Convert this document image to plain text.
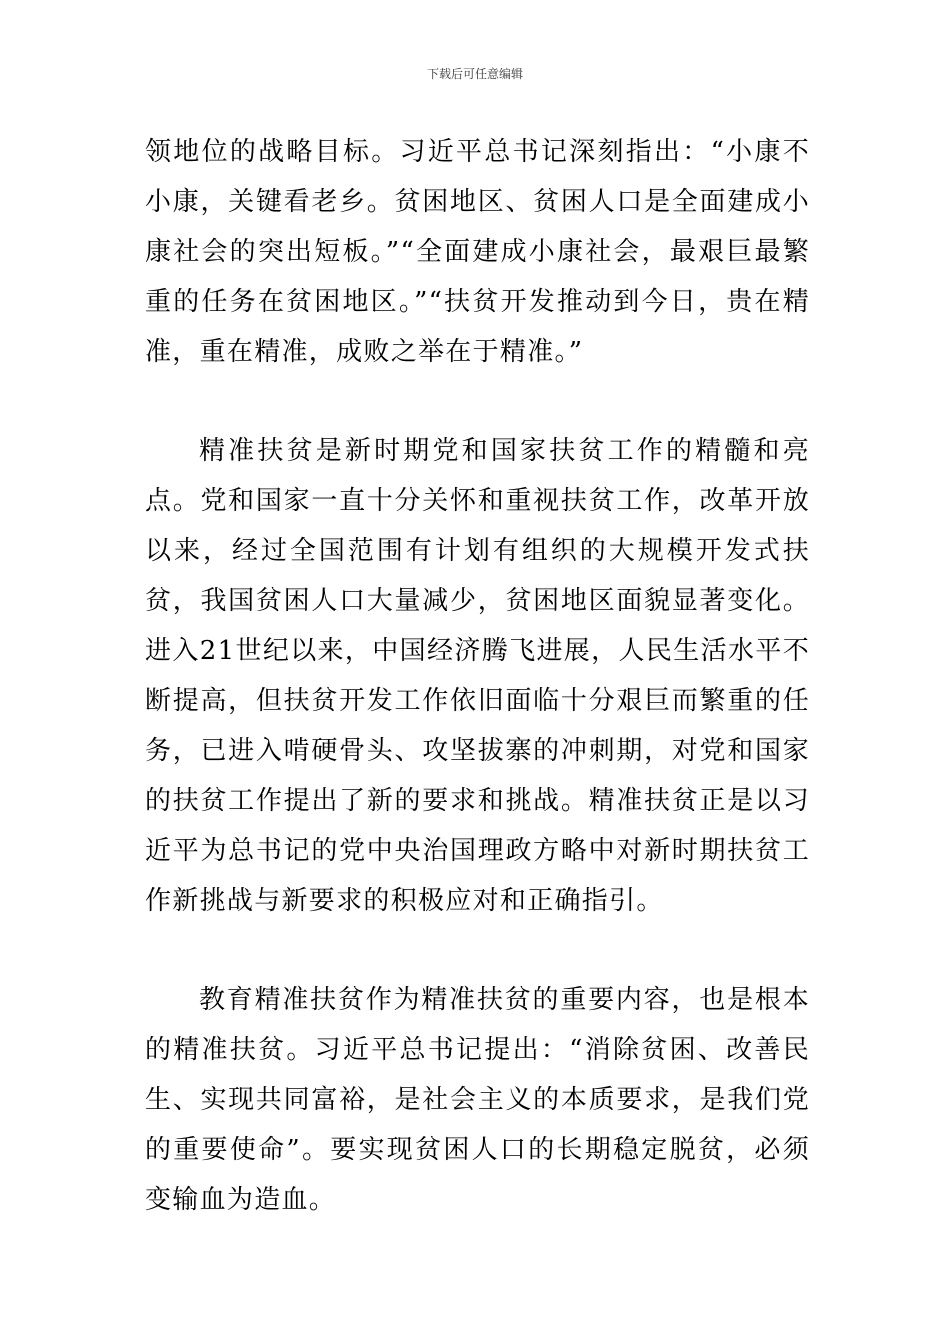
下载后可任意编辑

领地位的战略目标。习近平总书记深刻指出：“小康不小康，关键看老乡。贫困地区、贫困人口是全面建成小康社会的突出短板。”“全面建成小康社会，最艰巨最繁重的任务在贫困地区。”“扶贫开发推动到今日，贵在精准，重在精准，成败之举在于精准。”

精准扶贫是新时期党和国家扶贫工作的精髓和亮点。党和国家一直十分关怀和重视扶贫工作，改革开放以来，经过全国范围有计划有组织的大规模开发式扶贫，我国贫困人口大量减少，贫困地区面貌显著变化。进入21世纪以来，中国经济腾飞进展，人民生活水平不断提高，但扶贫开发工作依旧面临十分艰巨而繁重的任务，已进入啃硬骨头、攻坚拔寨的冲刺期，对党和国家的扶贫工作提出了新的要求和挑战。精准扶贫正是以习近平为总书记的党中央治国理政方略中对新时期扶贫工作新挑战与新要求的积极应对和正确指引。

教育精准扶贫作为精准扶贫的重要内容，也是根本的精准扶贫。习近平总书记提出：“消除贫困、改善民生、实现共同富裕，是社会主义的本质要求，是我们党的重要使命”。要实现贫困人口的长期稳定脱贫，必须变输血为造血。
